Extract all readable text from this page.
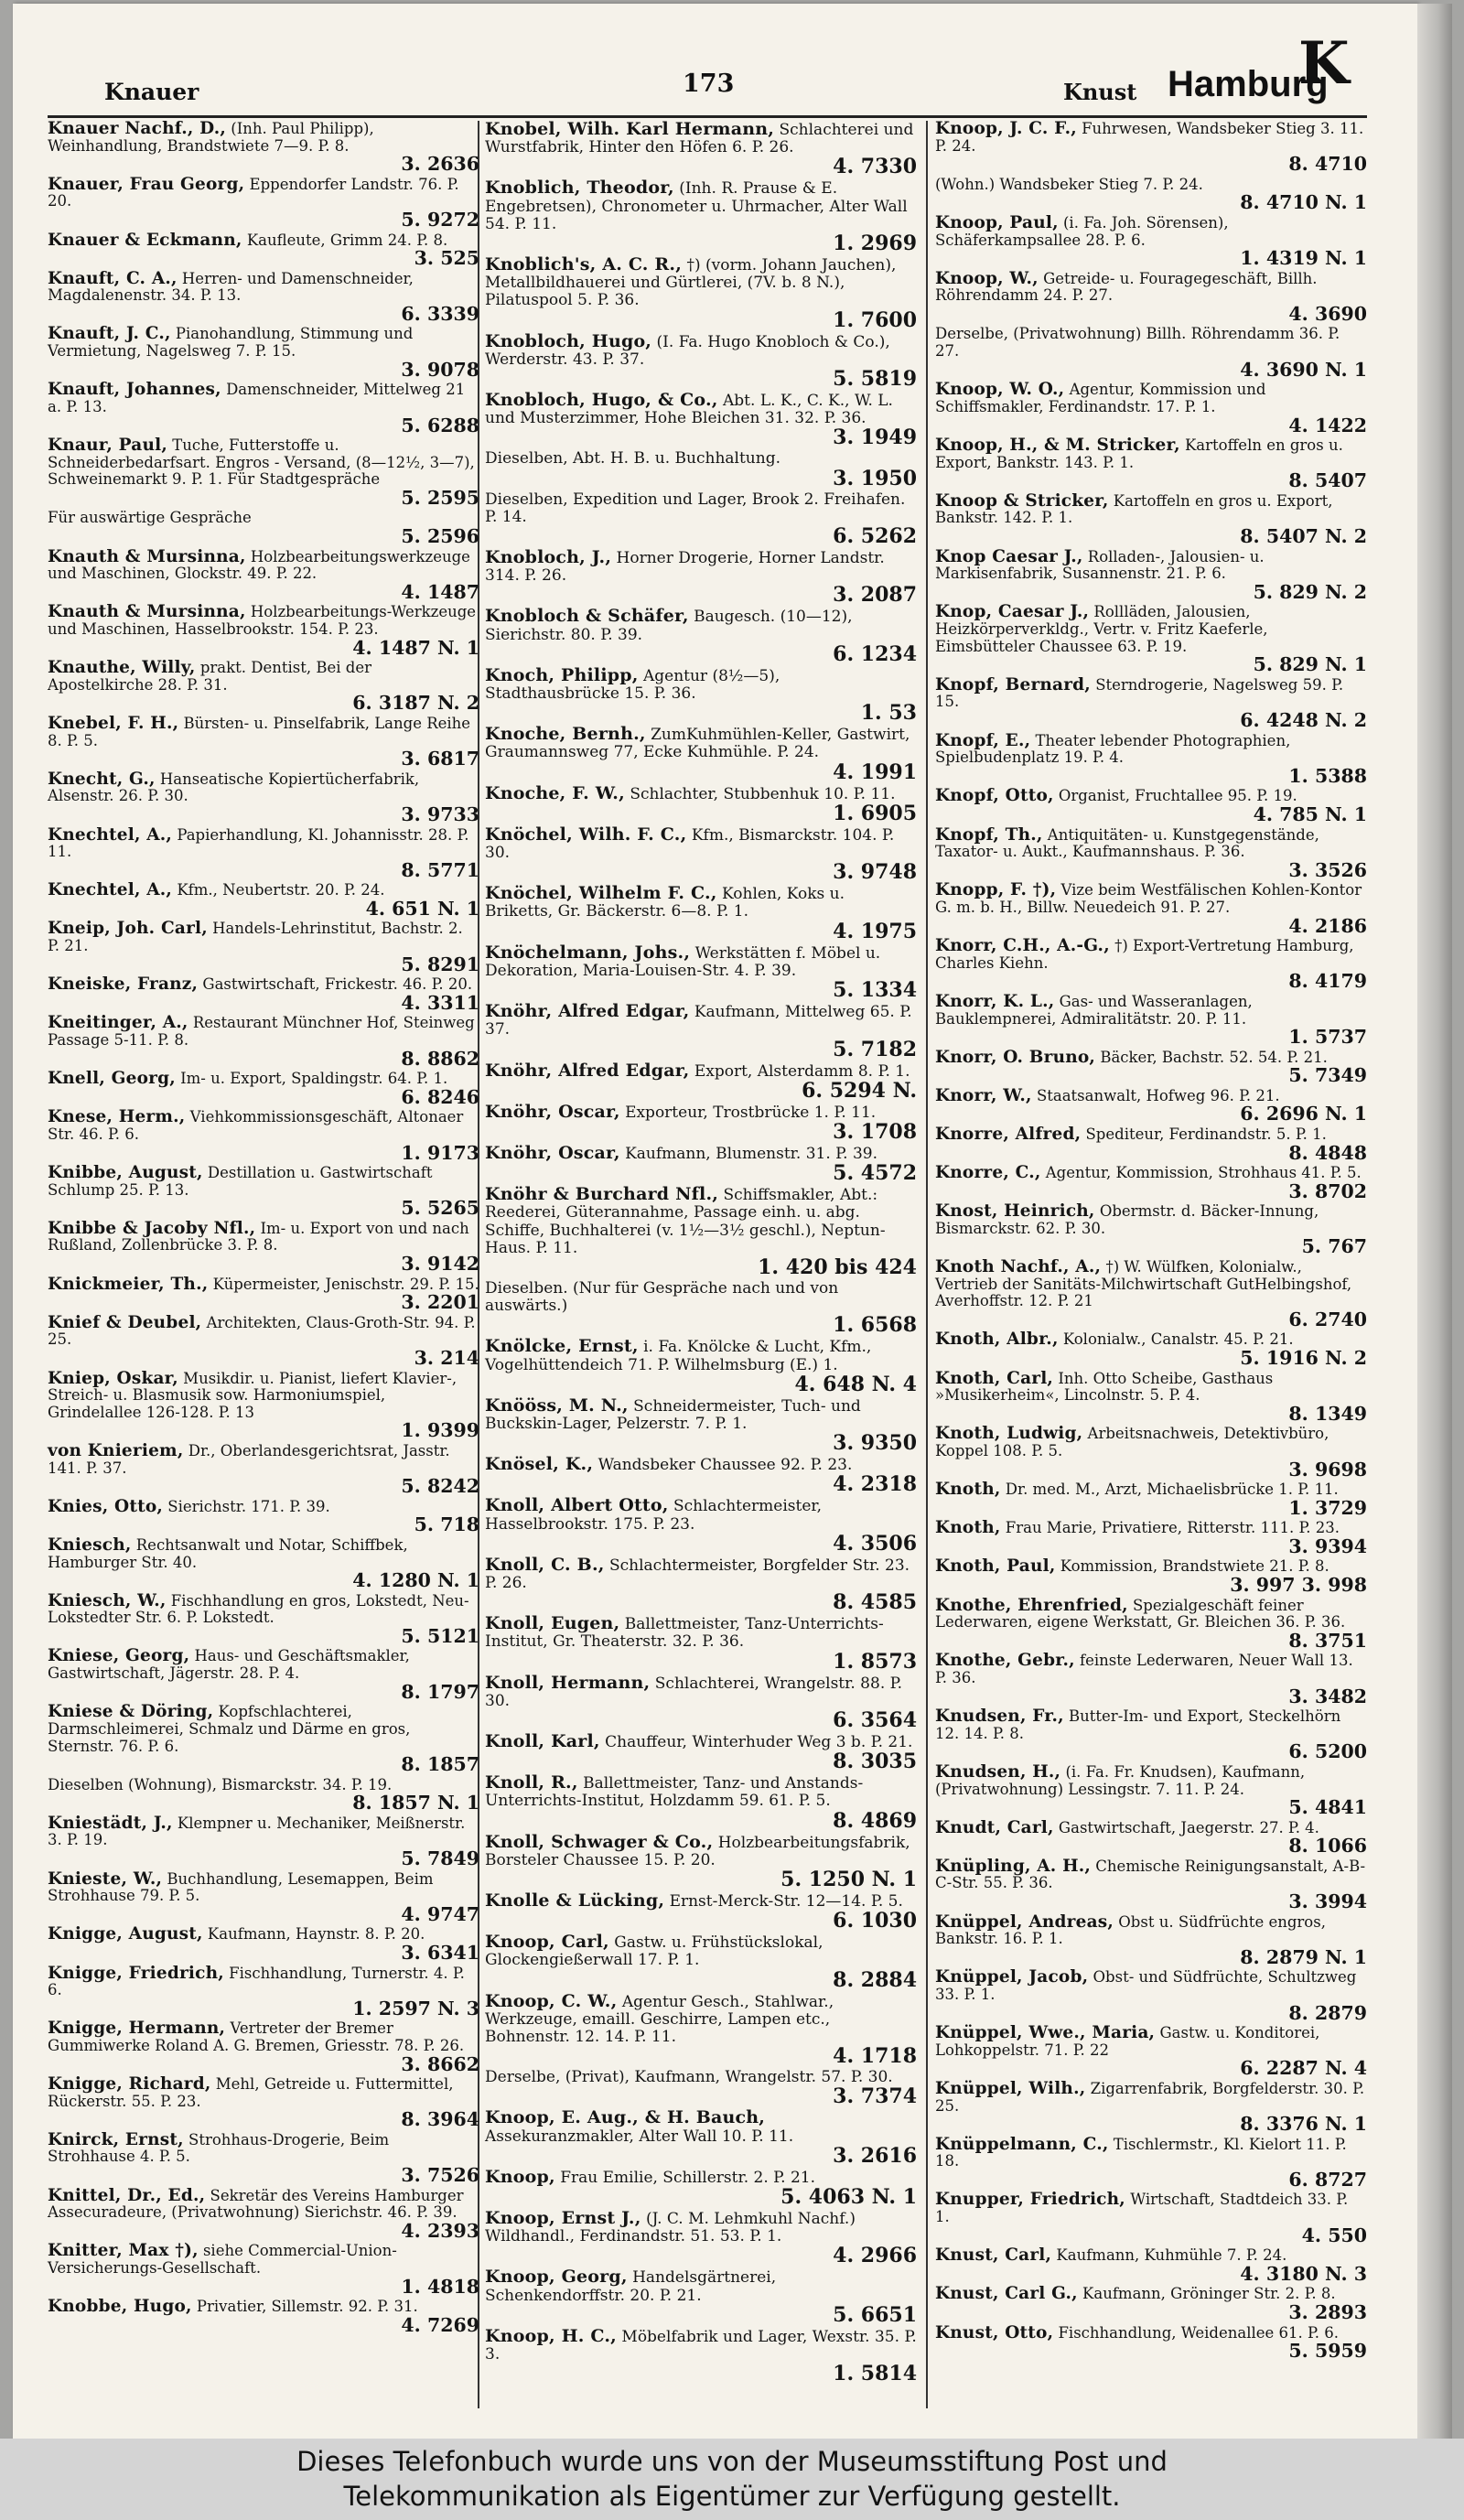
Knauer	173	Knust Hamburg
K
Knauer Nachf., D., (Inh. Paul Philipp), Weinhandlung, Brandstwiete 7—9. P. 8.
3. 2636
Knauer, Frau Georg, Eppendorfer Landstr. 76. P. 20.
5. 9272
Knauer & Eckmann, Kaufleute, Grimm 24. P. 8.
3. 525
Knauft, C. A., Herren- und Damenschneider, Magdalenenstr. 34. P. 13.
6. 3339
Knauft, J. C., Pianohandlung, Stimmung und Vermietung, Nagelsweg 7. P. 15.
3. 9078
Knauft, Johannes, Damenschneider, Mittelweg 21 a. P. 13.
5. 6288
Knaur, Paul, Tuche, Futterstoffe u. Schneiderbedarfsart. Engros - Versand, (8—12½, 3—7), Schweinemarkt 9. P. 1. Für Stadtgespräche
5. 2595
Für auswärtige Gespräche
5. 2596
Knauth & Mursinna, Holzbearbeitungswerkzeuge und Maschinen, Glockstr. 49. P. 22.
4. 1487
Knauth & Mursinna, Holzbearbeitungs-Werkzeuge und Maschinen, Hasselbrookstr. 154. P. 23.
4. 1487 N. 1
Knauthe, Willy, prakt. Dentist, Bei der Apostelkirche 28. P. 31.
6. 3187 N. 2
Knebel, F. H., Bürsten- u. Pinselfabrik, Lange Reihe 8. P. 5.
3. 6817
Knecht, G., Hanseatische Kopiertücherfabrik, Alsenstr. 26. P. 30.
3. 9733
Knechtel, A., Papierhandlung, Kl. Johannisstr. 28. P. 11.
8. 5771
Knechtel, A., Kfm., Neubertstr. 20. P. 24.
4. 651 N. 1
Kneip, Joh. Carl, Handels-Lehrinstitut, Bachstr. 2. P. 21.
5. 8291
Kneiske, Franz, Gastwirtschaft, Frickestr. 46. P. 20.
4. 3311
Kneitinger, A., Restaurant Münchner Hof, Steinweg Passage 5-11. P. 8.
8. 8862
Knell, Georg, Im- u. Export, Spaldingstr. 64. P. 1.
6. 8246
Knese, Herm., Viehkommissionsgeschäft, Altonaer Str. 46. P. 6.
1. 9173
Knibbe, August, Destillation u. Gastwirtschaft Schlump 25. P. 13.
5. 5265
Knibbe & Jacoby Nfl., Im- u. Export von und nach Rußland, Zollenbrücke 3. P. 8.
3. 9142
Knickmeier, Th., Küpermeister, Jenischstr. 29. P. 15.
3. 2201
Knief & Deubel, Architekten, Claus-Groth-Str. 94. P. 25.
3. 214
Kniep, Oskar, Musikdir. u. Pianist, liefert Klavier-, Streich- u. Blasmusik sow. Harmoniumspiel, Grindelallee 126-128. P. 13
1. 9399
von Knieriem, Dr., Oberlandesgerichtsrat, Jasstr. 141. P. 37.
5. 8242
Knies, Otto, Sierichstr. 171. P. 39.
5. 718
Kniesch, Rechtsanwalt und Notar, Schiffbek, Hamburger Str. 40.
4. 1280 N. 1
Kniesch, W., Fischhandlung en gros, Lokstedt, Neu-Lokstedter Str. 6. P. Lokstedt.
5. 5121
Kniese, Georg, Haus- und Geschäftsmakler, Gastwirtschaft, Jägerstr. 28. P. 4.
8. 1797
Kniese & Döring, Kopfschlachterei, Darmschleimerei, Schmalz und Därme en gros, Sternstr. 76. P. 6.
8. 1857
Dieselben (Wohnung), Bismarckstr. 34. P. 19.
8. 1857 N. 1
Kniestädt, J., Klempner u. Mechaniker, Meißnerstr. 3. P. 19.
5. 7849
Knieste, W., Buchhandlung, Lesemappen, Beim Strohhause 79. P. 5.
4. 9747
Knigge, August, Kaufmann, Haynstr. 8. P. 20.
3. 6341
Knigge, Friedrich, Fischhandlung, Turnerstr. 4. P. 6.
1. 2597 N. 3
Knigge, Hermann, Vertreter der Bremer Gummiwerke Roland A. G. Bremen, Griesstr. 78. P. 26.
3. 8662
Knigge, Richard, Mehl, Getreide u. Futtermittel, Rückerstr. 55. P. 23.
8. 3964
Knirck, Ernst, Strohhaus-Drogerie, Beim Strohhause 4. P. 5.
3. 7526
Knittel, Dr., Ed., Sekretär des Vereins Hamburger Assecuradeure, (Privatwohnung) Sierichstr. 46. P. 39.
4. 2393
Knitter, Max †), siehe Commercial-Union-Versicherungs-Gesellschaft.
1. 4818
Knobbe, Hugo, Privatier, Sillemstr. 92. P. 31.
4. 7269
Knobel, Wilh. Karl Hermann, Schlachterei und Wurstfabrik, Hinter den Höfen 6. P. 26.
4. 7330
Knoblich, Theodor, (Inh. R. Prause & E. Engebretsen), Chronometer u. Uhrmacher, Alter Wall 54. P. 11.
1. 2969
Knoblich's, A. C. R., †) (vorm. Johann Jauchen), Metallbildhauerei und Gürtlerei, (7V. b. 8 N.), Pilatuspool 5. P. 36.
1. 7600
Knobloch, Hugo, (I. Fa. Hugo Knobloch & Co.), Werderstr. 43. P. 37.
5. 5819
Knobloch, Hugo, & Co., Abt. L. K., C. K., W. L. und Musterzimmer, Hohe Bleichen 31. 32. P. 36.
3. 1949
Dieselben, Abt. H. B. u. Buchhaltung.
3. 1950
Dieselben, Expedition und Lager, Brook 2. Freihafen. P. 14.
6. 5262
Knobloch, J., Horner Drogerie, Horner Landstr. 314. P. 26.
3. 2087
Knobloch & Schäfer, Baugesch. (10—12), Sierichstr. 80. P. 39.
6. 1234
Knoch, Philipp, Agentur (8½—5), Stadthausbrücke 15. P. 36.
1. 53
Knoche, Bernh., ZumKuhmühlen-Keller, Gastwirt, Graumannsweg 77, Ecke Kuhmühle. P. 24.
4. 1991
Knoche, F. W., Schlachter, Stubbenhuk 10. P. 11.
1. 6905
Knöchel, Wilh. F. C., Kfm., Bismarckstr. 104. P. 30.
3. 9748
Knöchel, Wilhelm F. C., Kohlen, Koks u. Briketts, Gr. Bäckerstr. 6—8. P. 1.
4. 1975
Knöchelmann, Johs., Werkstätten f. Möbel u. Dekoration, Maria-Louisen-Str. 4. P. 39.
5. 1334
Knöhr, Alfred Edgar, Kaufmann, Mittelweg 65. P. 37.
5. 7182
Knöhr, Alfred Edgar, Export, Alsterdamm 8. P. 1.
6. 5294 N.
Knöhr, Oscar, Exporteur, Trostbrücke 1. P. 11.
3. 1708
Knöhr, Oscar, Kaufmann, Blumenstr. 31. P. 39.
5. 4572
Knöhr & Burchard Nfl., Schiffsmakler, Abt.: Reederei, Güterannahme, Passage einh. u. abg. Schiffe, Buchhalterei (v. 1½—3½ geschl.), Neptun-Haus. P. 11.
1. 420 bis 424
Dieselben. (Nur für Gespräche nach und von auswärts.)
1. 6568
Knölcke, Ernst, i. Fa. Knölcke & Lucht, Kfm., Vogelhüttendeich 71. P. Wilhelmsburg (E.) 1.
4. 648 N. 4
Knööss, M. N., Schneidermeister, Tuch- und Buckskin-Lager, Pelzerstr. 7. P. 1.
3. 9350
Knösel, K., Wandsbeker Chaussee 92. P. 23.
4. 2318
Knoll, Albert Otto, Schlachtermeister, Hasselbrookstr. 175. P. 23.
4. 3506
Knoll, C. B., Schlachtermeister, Borgfelder Str. 23. P. 26.
8. 4585
Knoll, Eugen, Ballettmeister, Tanz-Unterrichts-Institut, Gr. Theaterstr. 32. P. 36.
1. 8573
Knoll, Hermann, Schlachterei, Wrangelstr. 88. P. 30.
6. 3564
Knoll, Karl, Chauffeur, Winterhuder Weg 3 b. P. 21.
8. 3035
Knoll, R., Ballettmeister, Tanz- und Anstands-Unterrichts-Institut, Holzdamm 59. 61. P. 5.
8. 4869
Knoll, Schwager & Co., Holzbearbeitungsfabrik, Borsteler Chaussee 15. P. 20.
5. 1250 N. 1
Knolle & Lücking, Ernst-Merck-Str. 12—14. P. 5.
6. 1030
Knoop, Carl, Gastw. u. Frühstückslokal, Glockengießerwall 17. P. 1.
8. 2884
Knoop, C. W., Agentur Gesch., Stahlwar., Werkzeuge, emaill. Geschirre, Lampen etc., Bohnenstr. 12. 14. P. 11.
4. 1718
Derselbe, (Privat), Kaufmann, Wrangelstr. 57. P. 30.
3. 7374
Knoop, E. Aug., & H. Bauch, Assekuranzmakler, Alter Wall 10. P. 11.
3. 2616
Knoop, Frau Emilie, Schillerstr. 2. P. 21.
5. 4063 N. 1
Knoop, Ernst J., (J. C. M. Lehmkuhl Nachf.) Wildhandl., Ferdinandstr. 51. 53. P. 1.
4. 2966
Knoop, Georg, Handelsgärtnerei, Schenkendorffstr. 20. P. 21.
5. 6651
Knoop, H. C., Möbelfabrik und Lager, Wexstr. 35. P. 3.
1. 5814
Knoop, J. C. F., Fuhrwesen, Wandsbeker Stieg 3. 11. P. 24.
8. 4710
(Wohn.) Wandsbeker Stieg 7. P. 24.
8. 4710 N. 1
Knoop, Paul, (i. Fa. Joh. Sörensen), Schäferkampsallee 28. P. 6.
1. 4319 N. 1
Knoop, W., Getreide- u. Fouragegeschäft, Billh. Röhrendamm 24. P. 27.
4. 3690
Derselbe, (Privatwohnung) Billh. Röhrendamm 36. P. 27.
4. 3690 N. 1
Knoop, W. O., Agentur, Kommission und Schiffsmakler, Ferdinandstr. 17. P. 1.
4. 1422
Knoop, H., & M. Stricker, Kartoffeln en gros u. Export, Bankstr. 143. P. 1.
8. 5407
Knoop & Stricker, Kartoffeln en gros u. Export, Bankstr. 142. P. 1.
8. 5407 N. 2
Knop Caesar J., Rolladen-, Jalousien- u. Markisenfabrik, Susannenstr. 21. P. 6.
5. 829 N. 2
Knop, Caesar J., Rollläden, Jalousien, Heizkörperverkldg., Vertr. v. Fritz Kaeferle, Eimsbütteler Chaussee 63. P. 19.
5. 829 N. 1
Knopf, Bernard, Sterndrogerie, Nagelsweg 59. P. 15.
6. 4248 N. 2
Knopf, E., Theater lebender Photographien, Spielbudenplatz 19. P. 4.
1. 5388
Knopf, Otto, Organist, Fruchtallee 95. P. 19.
4. 785 N. 1
Knopf, Th., Antiquitäten- u. Kunstgegenstände, Taxator- u. Aukt., Kaufmannshaus. P. 36.
3. 3526
Knopp, F. †), Vize beim Westfälischen Kohlen-Kontor G. m. b. H., Billw. Neuedeich 91. P. 27.
4. 2186
Knorr, C.H., A.-G., †) Export-Vertretung Hamburg, Charles Kiehn.
8. 4179
Knorr, K. L., Gas- und Wasseranlagen, Bauklempnerei, Admiralitätstr. 20. P. 11.
1. 5737
Knorr, O. Bruno, Bäcker, Bachstr. 52. 54. P. 21.
5. 7349
Knorr, W., Staatsanwalt, Hofweg 96. P. 21.
6. 2696 N. 1
Knorre, Alfred, Spediteur, Ferdinandstr. 5. P. 1.
8. 4848
Knorre, C., Agentur, Kommission, Strohhaus 41. P. 5.
3. 8702
Knost, Heinrich, Obermstr. d. Bäcker-Innung, Bismarckstr. 62. P. 30.
5. 767
Knoth Nachf., A., †) W. Wülfken, Kolonialw., Vertrieb der Sanitäts-Milchwirtschaft GutHelbingshof, Averhoffstr. 12. P. 21
6. 2740
Knoth, Albr., Kolonialw., Canalstr. 45. P. 21.
5. 1916 N. 2
Knoth, Carl, Inh. Otto Scheibe, Gasthaus »Musikerheim«, Lincolnstr. 5. P. 4.
8. 1349
Knoth, Ludwig, Arbeitsnachweis, Detektivbüro, Koppel 108. P. 5.
3. 9698
Knoth, Dr. med. M., Arzt, Michaelisbrücke 1. P. 11.
1. 3729
Knoth, Frau Marie, Privatiere, Ritterstr. 111. P. 23.
3. 9394
Knoth, Paul, Kommission, Brandstwiete 21. P. 8.
3. 997 3. 998
Knothe, Ehrenfried, Spezialgeschäft feiner Lederwaren, eigene Werkstatt, Gr. Bleichen 36. P. 36.
8. 3751
Knothe, Gebr., feinste Lederwaren, Neuer Wall 13. P. 36.
3. 3482
Knudsen, Fr., Butter-Im- und Export, Steckelhörn 12. 14. P. 8.
6. 5200
Knudsen, H., (i. Fa. Fr. Knudsen), Kaufmann, (Privatwohnung) Lessingstr. 7. 11. P. 24.
5. 4841
Knudt, Carl, Gastwirtschaft, Jaegerstr. 27. P. 4.
8. 1066
Knüpling, A. H., Chemische Reinigungsanstalt, A-B-C-Str. 55. P. 36.
3. 3994
Knüppel, Andreas, Obst u. Südfrüchte engros, Bankstr. 16. P. 1.
8. 2879 N. 1
Knüppel, Jacob, Obst- und Südfrüchte, Schultzweg 33. P. 1.
8. 2879
Knüppel, Wwe., Maria, Gastw. u. Konditorei, Lohkoppelstr. 71. P. 22
6. 2287 N. 4
Knüppel, Wilh., Zigarrenfabrik, Borgfelderstr. 30. P. 25.
8. 3376 N. 1
Knüppelmann, C., Tischlermstr., Kl. Kielort 11. P. 18.
6. 8727
Knupper, Friedrich, Wirtschaft, Stadtdeich 33. P. 1.
4. 550
Knust, Carl, Kaufmann, Kuhmühle 7. P. 24.
4. 3180 N. 3
Knust, Carl G., Kaufmann, Gröninger Str. 2. P. 8.
3. 2893
Knust, Otto, Fischhandlung, Weidenallee 61. P. 6.
5. 5959
Dieses Telefonbuch wurde uns von der Museumsstiftung Post und
Telekommunikation als Eigentümer zur Verfügung gestellt.
